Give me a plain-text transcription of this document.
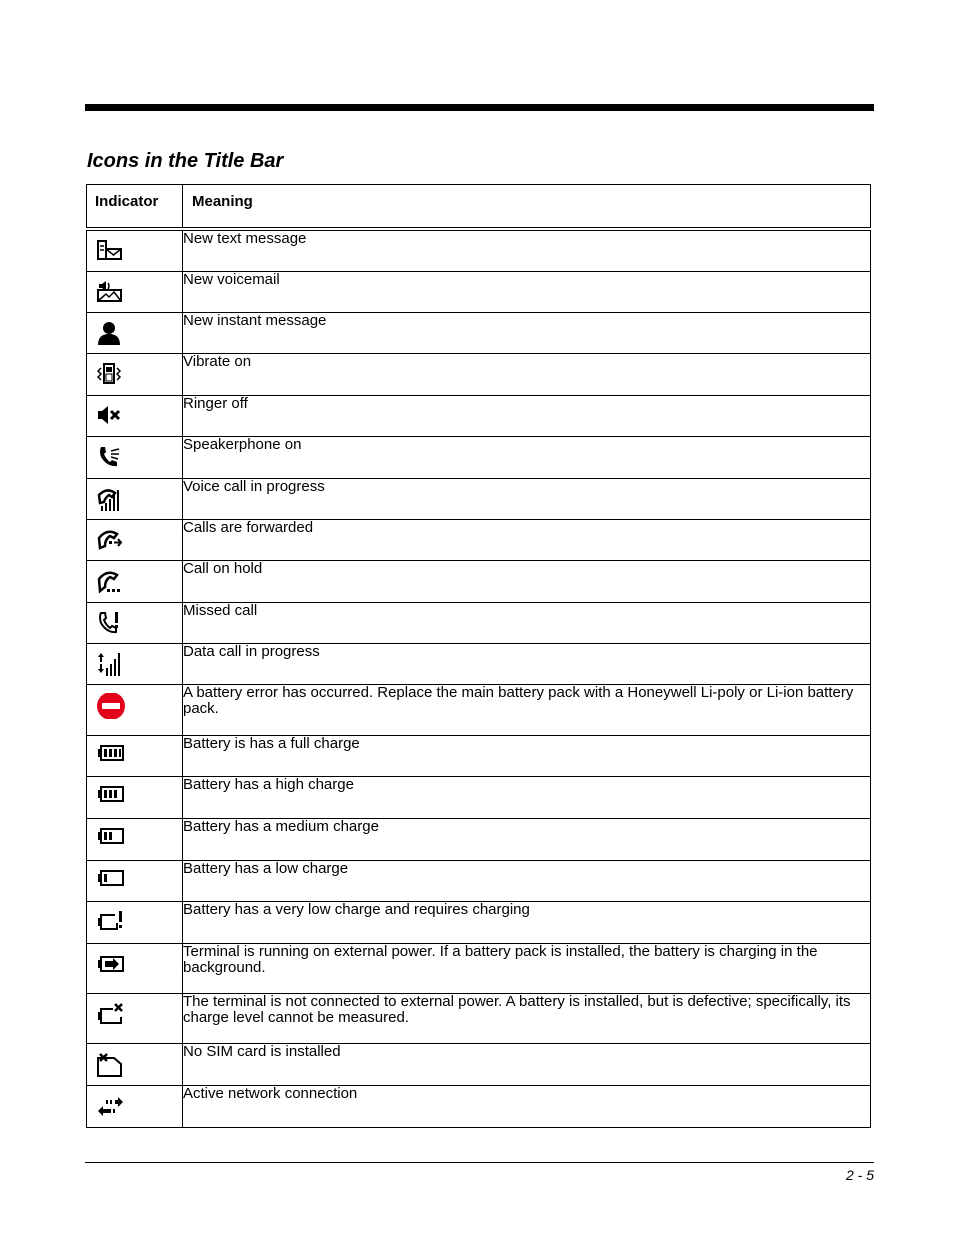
Icons in the Title Bar
Indicator	Meaning

	New text message

	New voicemail

	New instant message

	Vibrate on

	Ringer off

	Speakerphone on

	Voice call in progress

	Calls are forwarded

	Call on hold

	Missed call

	Data call in progress

	A battery error has occurred. Replace the main battery pack with a Honeywell Li-poly or Li-ion battery pack.

	Battery is has a full charge

	Battery has a high charge

	Battery has a medium charge

	Battery has a low charge

	Battery has a very low charge and requires charging

	Terminal is running on external power. If a battery pack is installed, the battery is charging in the background.

	The terminal is not connected to external power. A battery is installed, but is defective; specifically, its charge level cannot be measured.

	No SIM card is installed

	Active network connection
2 - 5
